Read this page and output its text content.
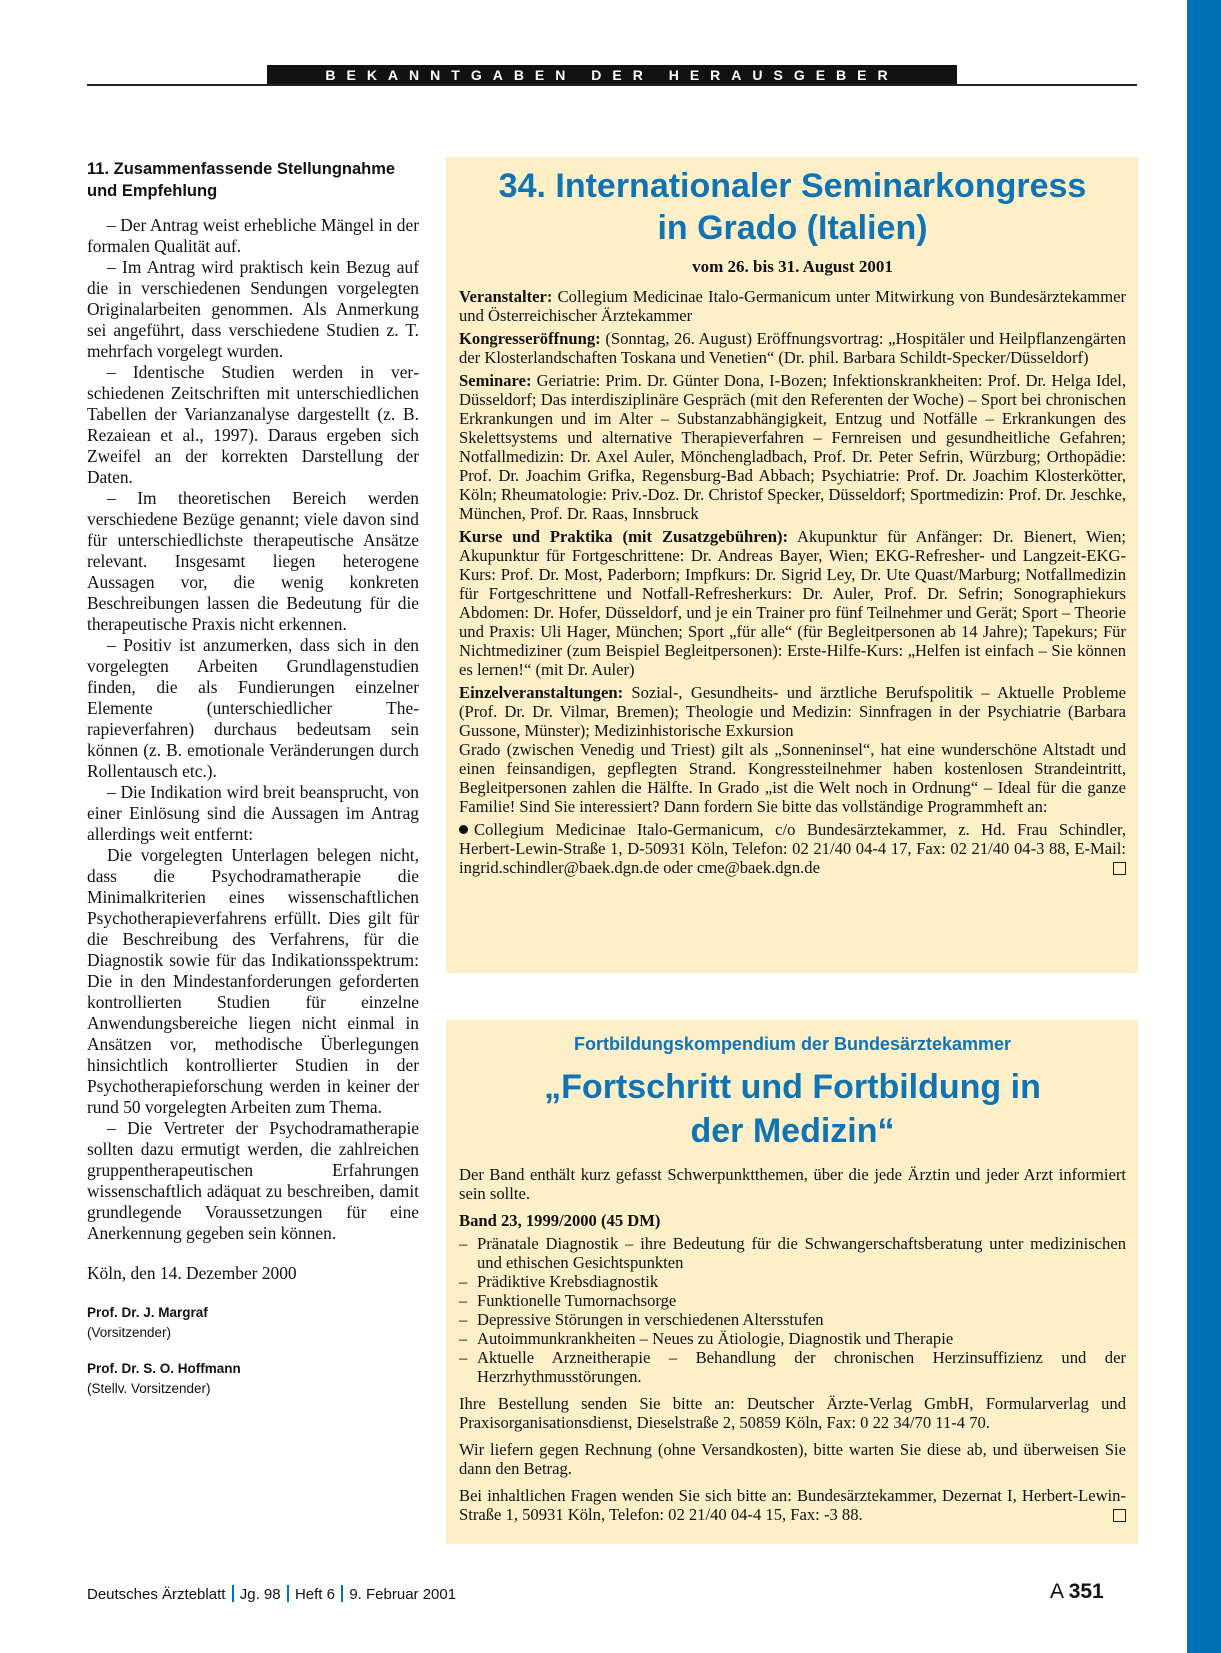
BEKANNTGABEN DER HERAUSGEBER
11. Zusammenfassende Stellungnahme und Empfehlung

– Der Antrag weist erhebliche Mängel in der formalen Qualität auf.

– Im Antrag wird praktisch kein Bezug auf die in verschiedenen Sendungen vorgelegten Originalarbeiten genommen. Als Anmerkung sei angeführt, dass verschiedene Studien z. T. mehrfach vorgelegt wurden.

– Identische Studien werden in verschiedenen Zeitschriften mit unterschiedlichen Tabellen der Varianzanalyse dargestellt (z. B. Rezaiean et al., 1997). Daraus ergeben sich Zweifel an der korrekten Darstellung der Daten.

– Im theoretischen Bereich werden verschiedene Bezüge genannt; viele davon sind für unterschiedlichste therapeutische Ansätze relevant. Insgesamt liegen heterogene Aussagen vor, die wenig konkreten Beschreibungen lassen die Bedeutung für die therapeutische Praxis nicht erkennen.

– Positiv ist anzumerken, dass sich in den vorgelegten Arbeiten Grundlagenstudien finden, die als Fundierungen einzelner Elemente (unterschiedlicher Therapieverfahren) durchaus bedeutsam sein können (z. B. emotionale Veränderungen durch Rollentausch etc.).

– Die Indikation wird breit beansprucht, von einer Einlösung sind die Aussagen im Antrag allerdings weit entfernt:

Die vorgelegten Unterlagen belegen nicht, dass die Psychodramatherapie die Minimalkriterien eines wissenschaftlichen Psychotherapieverfahrens erfüllt. Dies gilt für die Beschreibung des Verfahrens, für die Diagnostik sowie für das Indikationsspektrum: Die in den Mindestanforderungen geforderten kontrollierten Studien für einzelne Anwendungsbereiche liegen nicht einmal in Ansätzen vor, methodische Überlegungen hinsichtlich kontrollierter Studien in der Psychotherapieforschung werden in keiner der rund 50 vorgelegten Arbeiten zum Thema.

– Die Vertreter der Psychodramatherapie sollten dazu ermutigt werden, die zahlreichen gruppentherapeutischen Erfahrungen wissenschaftlich adäquat zu beschreiben, damit grundlegende Voraussetzungen für eine Anerkennung gegeben sein können.

Köln, den 14. Dezember 2000

Prof. Dr. J. Margraf
(Vorsitzender)
Prof. Dr. S. O. Hoffmann
(Stellv. Vorsitzender)
34. Internationaler Seminarkongress
in Grado (Italien)
vom 26. bis 31. August 2001

Veranstalter: Collegium Medicinae Italo-Germanicum unter Mitwirkung von Bundesärztekammer und Österreichischer Ärztekammer

Kongresseröffnung: (Sonntag, 26. August) Eröffnungsvortrag: „Hospitäler und Heilpflanzengärten der Klosterlandschaften Toskana und Venetien“ (Dr. phil. Barbara Schildt-Specker/Düsseldorf)

Seminare: Geriatrie: Prim. Dr. Günter Dona, I-Bozen; Infektionskrankheiten: Prof. Dr. Helga Idel, Düsseldorf; Das interdisziplinäre Gespräch (mit den Referenten der Woche) – Sport bei chronischen Erkrankungen und im Alter – Substanzabhängigkeit, Entzug und Notfälle – Erkrankungen des Skelettsystems und alternative Therapieverfahren – Fernreisen und gesundheitliche Gefahren; Notfallmedizin: Dr. Axel Auler, Mönchengladbach, Prof. Dr. Peter Sefrin, Würzburg; Orthopädie: Prof. Dr. Joachim Grifka, Regensburg-Bad Abbach; Psychiatrie: Prof. Dr. Joachim Klosterkötter, Köln; Rheumatologie: Priv.-Doz. Dr. Christof Specker, Düsseldorf; Sportmedizin: Prof. Dr. Jeschke, München, Prof. Dr. Raas, Innsbruck

Kurse und Praktika (mit Zusatzgebühren): Akupunktur für Anfänger: Dr. Bienert, Wien; Akupunktur für Fortgeschrittene: Dr. Andreas Bayer, Wien; EKG-Refresher- und Langzeit-EKG-Kurs: Prof. Dr. Most, Paderborn; Impfkurs: Dr. Sigrid Ley, Dr. Ute Quast/Marburg; Notfallmedizin für Fortgeschrittene und Notfall-Refresherkurs: Dr. Auler, Prof. Dr. Sefrin; Sonographiekurs Abdomen: Dr. Hofer, Düsseldorf, und je ein Trainer pro fünf Teilnehmer und Gerät; Sport – Theorie und Praxis: Uli Hager, München; Sport „für alle“ (für Begleitpersonen ab 14 Jahre); Tapekurs; Für Nichtmediziner (zum Beispiel Begleitpersonen): Erste-Hilfe-Kurs: „Helfen ist einfach – Sie können es lernen!“ (mit Dr. Auler)

Einzelveranstaltungen: Sozial-, Gesundheits- und ärztliche Berufspolitik – Aktuelle Probleme (Prof. Dr. Dr. Vilmar, Bremen); Theologie und Medizin: Sinnfragen in der Psychiatrie (Barbara Gussone, Münster); Medizinhistorische Exkursion

Grado (zwischen Venedig und Triest) gilt als „Sonneninsel“, hat eine wunderschöne Altstadt und einen feinsandigen, gepflegten Strand. Kongressteilnehmer haben kostenlosen Strandeintritt, Begleitpersonen zahlen die Hälfte. In Grado „ist die Welt noch in Ordnung“ – Ideal für die ganze Familie! Sind Sie interessiert? Dann fordern Sie bitte das vollständige Programmheft an:

Collegium Medicinae Italo-Germanicum, c/o Bundesärztekammer, z. Hd. Frau Schindler, Herbert-Lewin-Straße 1, D-50931 Köln, Telefon: 02 21/40 04-4 17, Fax: 02 21/40 04-3 88, E-Mail: ingrid.schindler@baek.dgn.de oder cme@baek.dgn.de

Fortbildungskompendium der Bundesärztekammer
„Fortschritt und Fortbildung in
der Medizin“

Der Band enthält kurz gefasst Schwerpunktthemen, über die jede Ärztin und jeder Arzt informiert sein sollte.

Band 23, 1999/2000 (45 DM)

– Pränatale Diagnostik – ihre Bedeutung für die Schwangerschaftsberatung unter medizinischen und ethischen Gesichtspunkten
– Prädiktive Krebsdiagnostik
– Funktionelle Tumornachsorge
– Depressive Störungen in verschiedenen Altersstufen
– Autoimmunkrankheiten – Neues zu Ätiologie, Diagnostik und Therapie
– Aktuelle Arzneitherapie – Behandlung der chronischen Herzinsuffizienz und der Herzrhythmusstörungen.

Ihre Bestellung senden Sie bitte an: Deutscher Ärzte-Verlag GmbH, Formularverlag und Praxisorganisationsdienst, Dieselstraße 2, 50859 Köln, Fax: 0 22 34/70 11-4 70.

Wir liefern gegen Rechnung (ohne Versandkosten), bitte warten Sie diese ab, und überweisen Sie dann den Betrag.

Bei inhaltlichen Fragen wenden Sie sich bitte an: Bundesärztekammer, Dezernat I, Herbert-Lewin-Straße 1, 50931 Köln, Telefon: 02 21/40 04-4 15, Fax: -3 88.

Deutsches Ärzteblatt Jg. 98 Heft 6 9. Februar 2001	A 351
